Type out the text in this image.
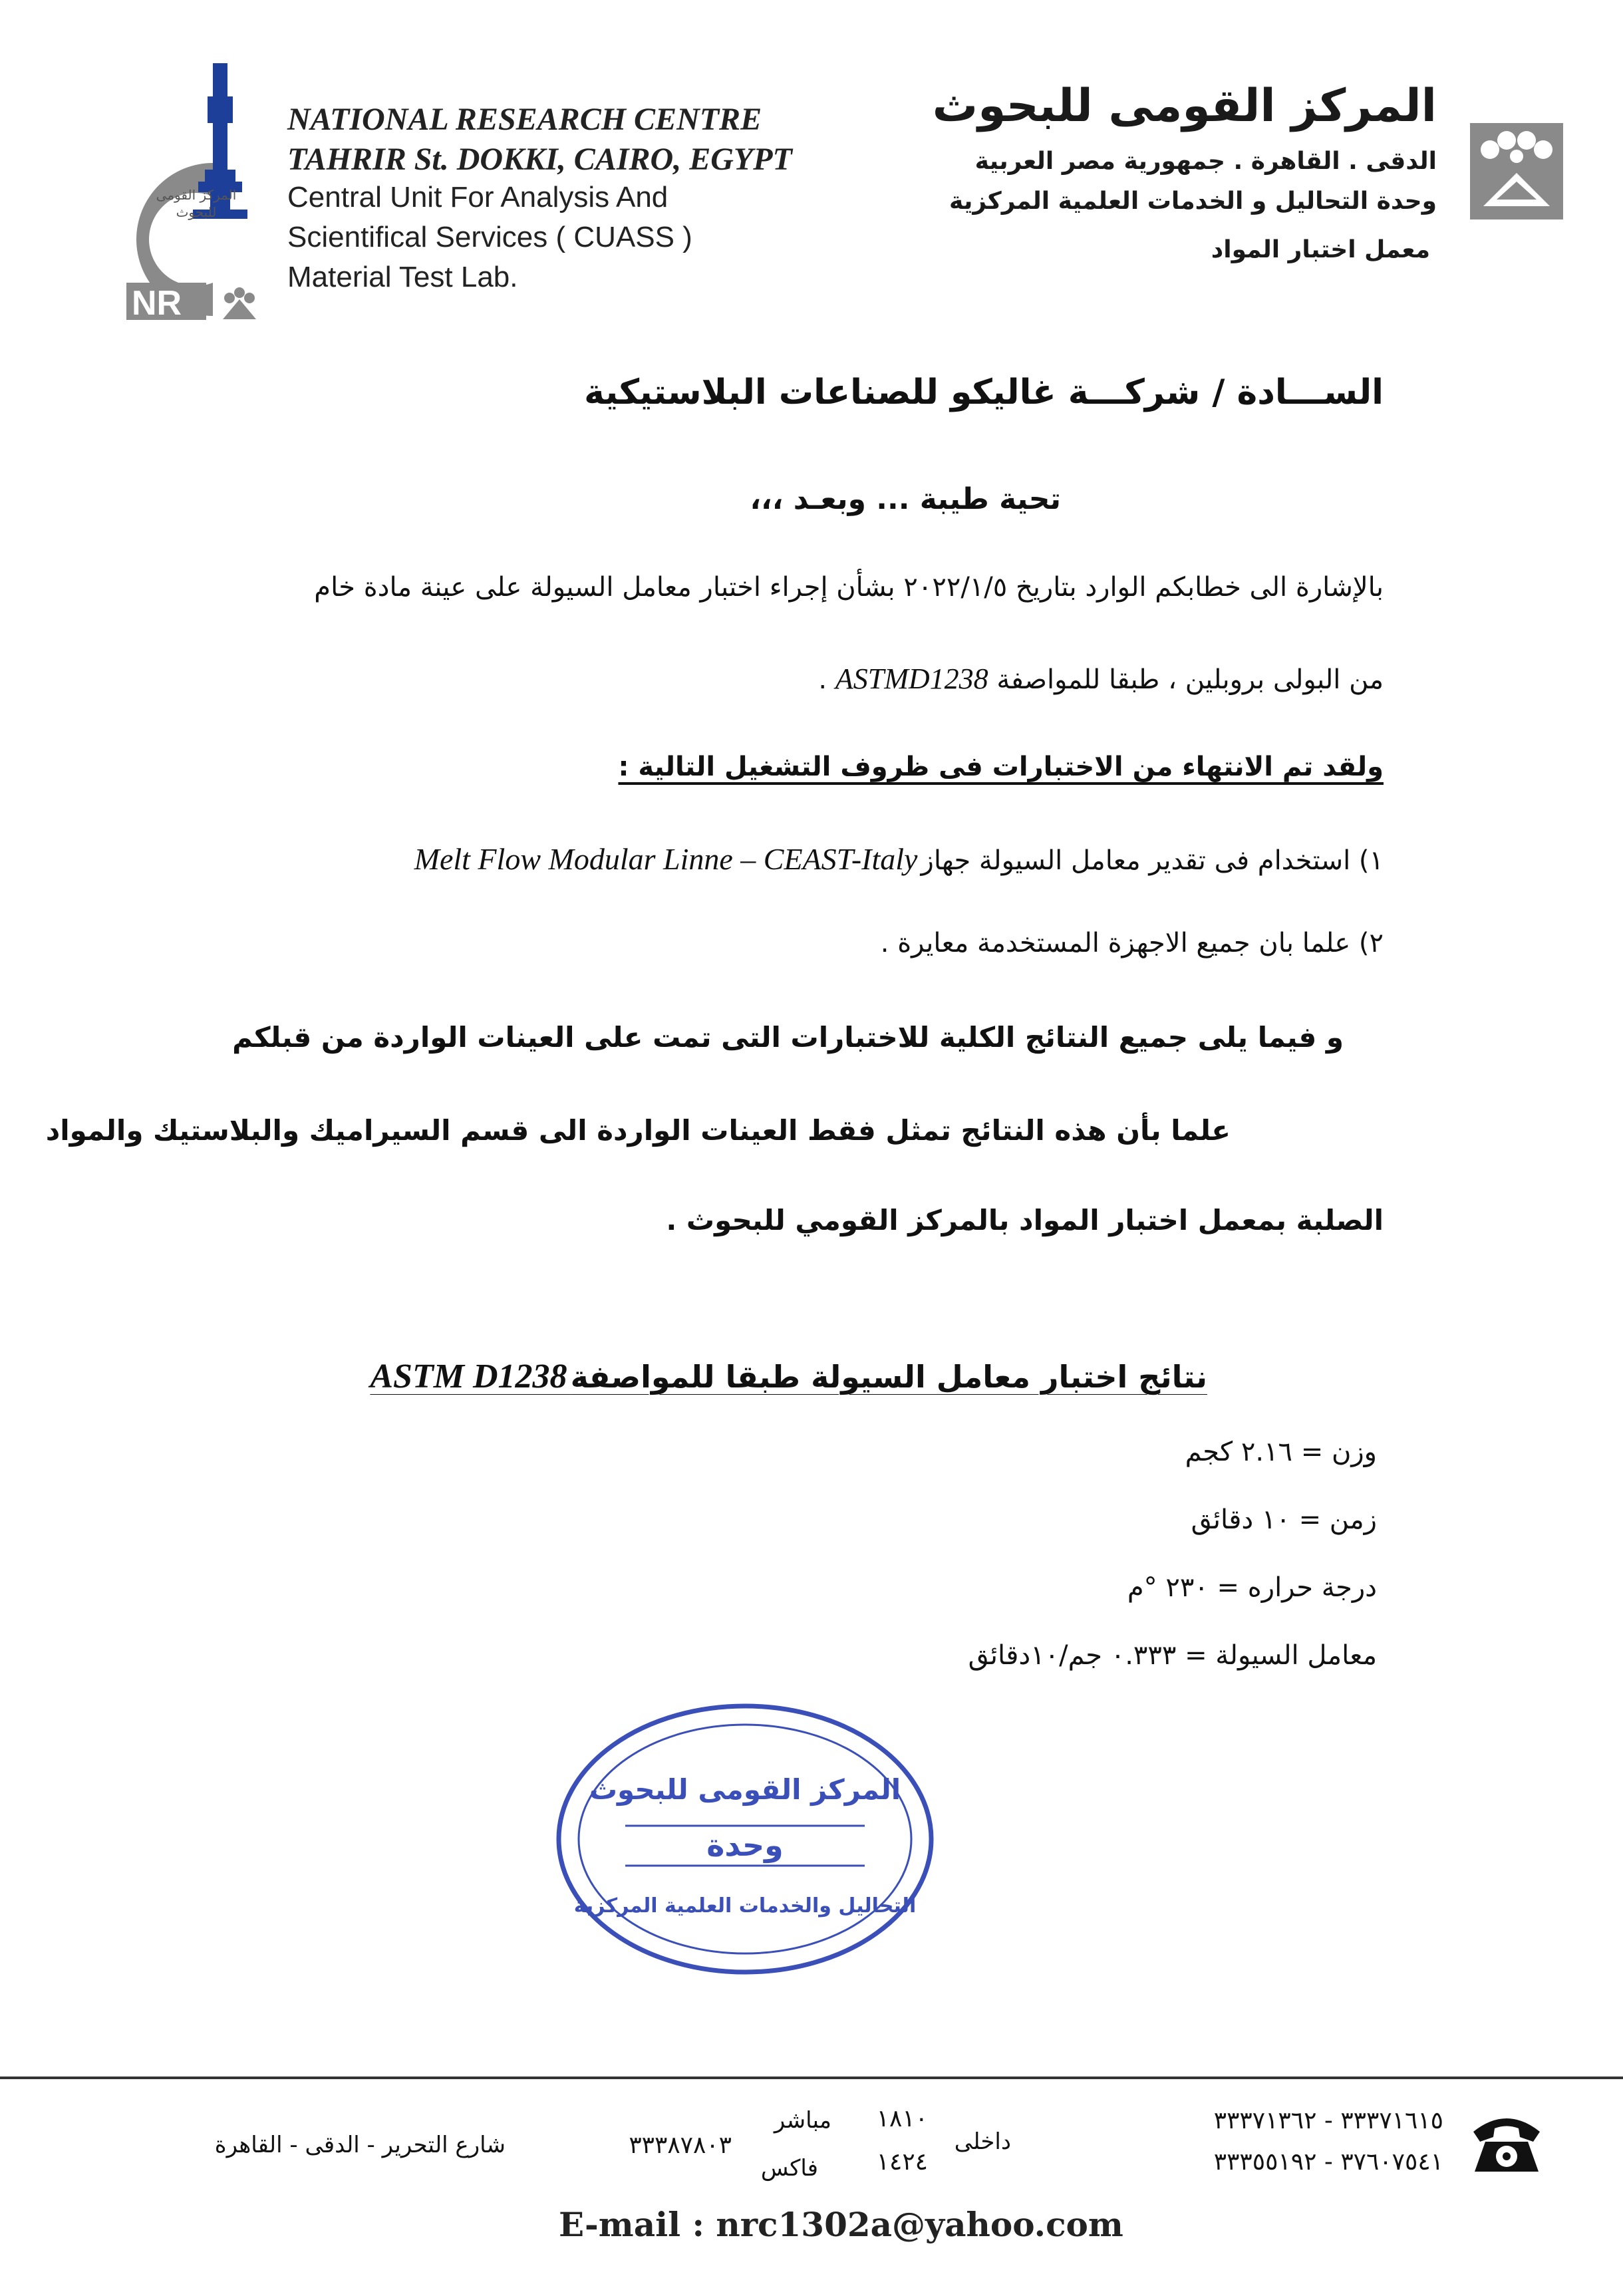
NR
المركز القومى للبحوث
NATIONAL RESEARCH CENTRE
TAHRIR St. DOKKI, CAIRO, EGYPT
Central Unit For Analysis And
Scientifical Services ( CUASS )
Material Test Lab.
المركز القومى للبحوث
الدقى . القاهرة . جمهورية مصر العربية
وحدة التحاليل و الخدمات العلمية المركزية
معمل اختبار المواد
الســـادة / شركـــة غاليكو للصناعات البلاستيكية
تحية طيبة ... وبعـد ،،،
بالإشارة الى خطابكم الوارد بتاريخ ٢٠٢٢/١/٥ بشأن إجراء اختبار معامل السيولة على عينة مادة خام
من البولى بروبلين ، طبقا للمواصفة ASTMD1238 .
ولقد تم الانتهاء من الاختبارات فى ظروف التشغيل التالية :
١) استخدام فى تقدير معامل السيولة جهاز Melt Flow Modular Linne – CEAST-Italy
٢) علما بان جميع الاجهزة المستخدمة معايرة .
و فيما يلى جميع النتائج الكلية للاختبارات التى تمت على العينات الواردة من قبلكم
علما بأن هذه النتائج تمثل فقط العينات الواردة الى قسم السيراميك والبلاستيك والمواد
الصلبة بمعمل اختبار المواد بالمركز القومي للبحوث .
نتائج اختبار معامل السيولة طبقا للمواصفة ASTM D1238
وزن = ٢.١٦ كجم
زمن = ١٠ دقائق
درجة حراره = ٢٣٠ °م
معامل السيولة = ٠.٣٣٣ جم/١٠دقائق
المركز القومى للبحوث
وحدة
التحاليل والخدمات العلمية المركزية
٣٣٣٧١٦١٥ - ٣٣٣٧١٣٦٢
٣٧٦٠٧٥٤١ - ٣٣٣٥٥١٩٢
داخلى
١٨١٠
١٤٢٤
مباشر
فاكس
٣٣٣٨٧٨٠٣
شارع التحرير - الدقى - القاهرة
E-mail : nrc1302a@yahoo.com
